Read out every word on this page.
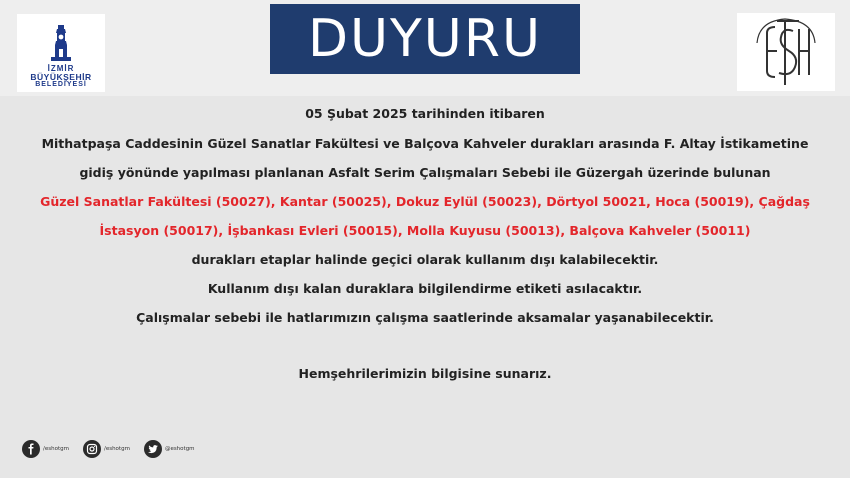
İZMİR
BÜYÜKŞEHİR
BELEDİYESİ
DUYURU
05 Şubat 2025 tarihinden itibaren
Mithatpaşa Caddesinin Güzel Sanatlar Fakültesi ve Balçova Kahveler durakları arasında F. Altay İstikametine
gidiş yönünde yapılması planlanan Asfalt Serim Çalışmaları Sebebi ile Güzergah üzerinde bulunan
Güzel Sanatlar Fakültesi (50027), Kantar (50025), Dokuz Eylül (50023), Dörtyol 50021, Hoca (50019), Çağdaş
İstasyon (50017), İşbankası Evleri (50015), Molla Kuyusu (50013), Balçova Kahveler (50011)
durakları etaplar halinde geçici olarak kullanım dışı kalabilecektir.
Kullanım dışı kalan duraklara bilgilendirme etiketi asılacaktır.
Çalışmalar sebebi ile hatlarımızın çalışma saatlerinde aksamalar yaşanabilecektir.
Hemşehrilerimizin bilgisine sunarız.
/eshotgm	/eshotgm	@eshotgm
